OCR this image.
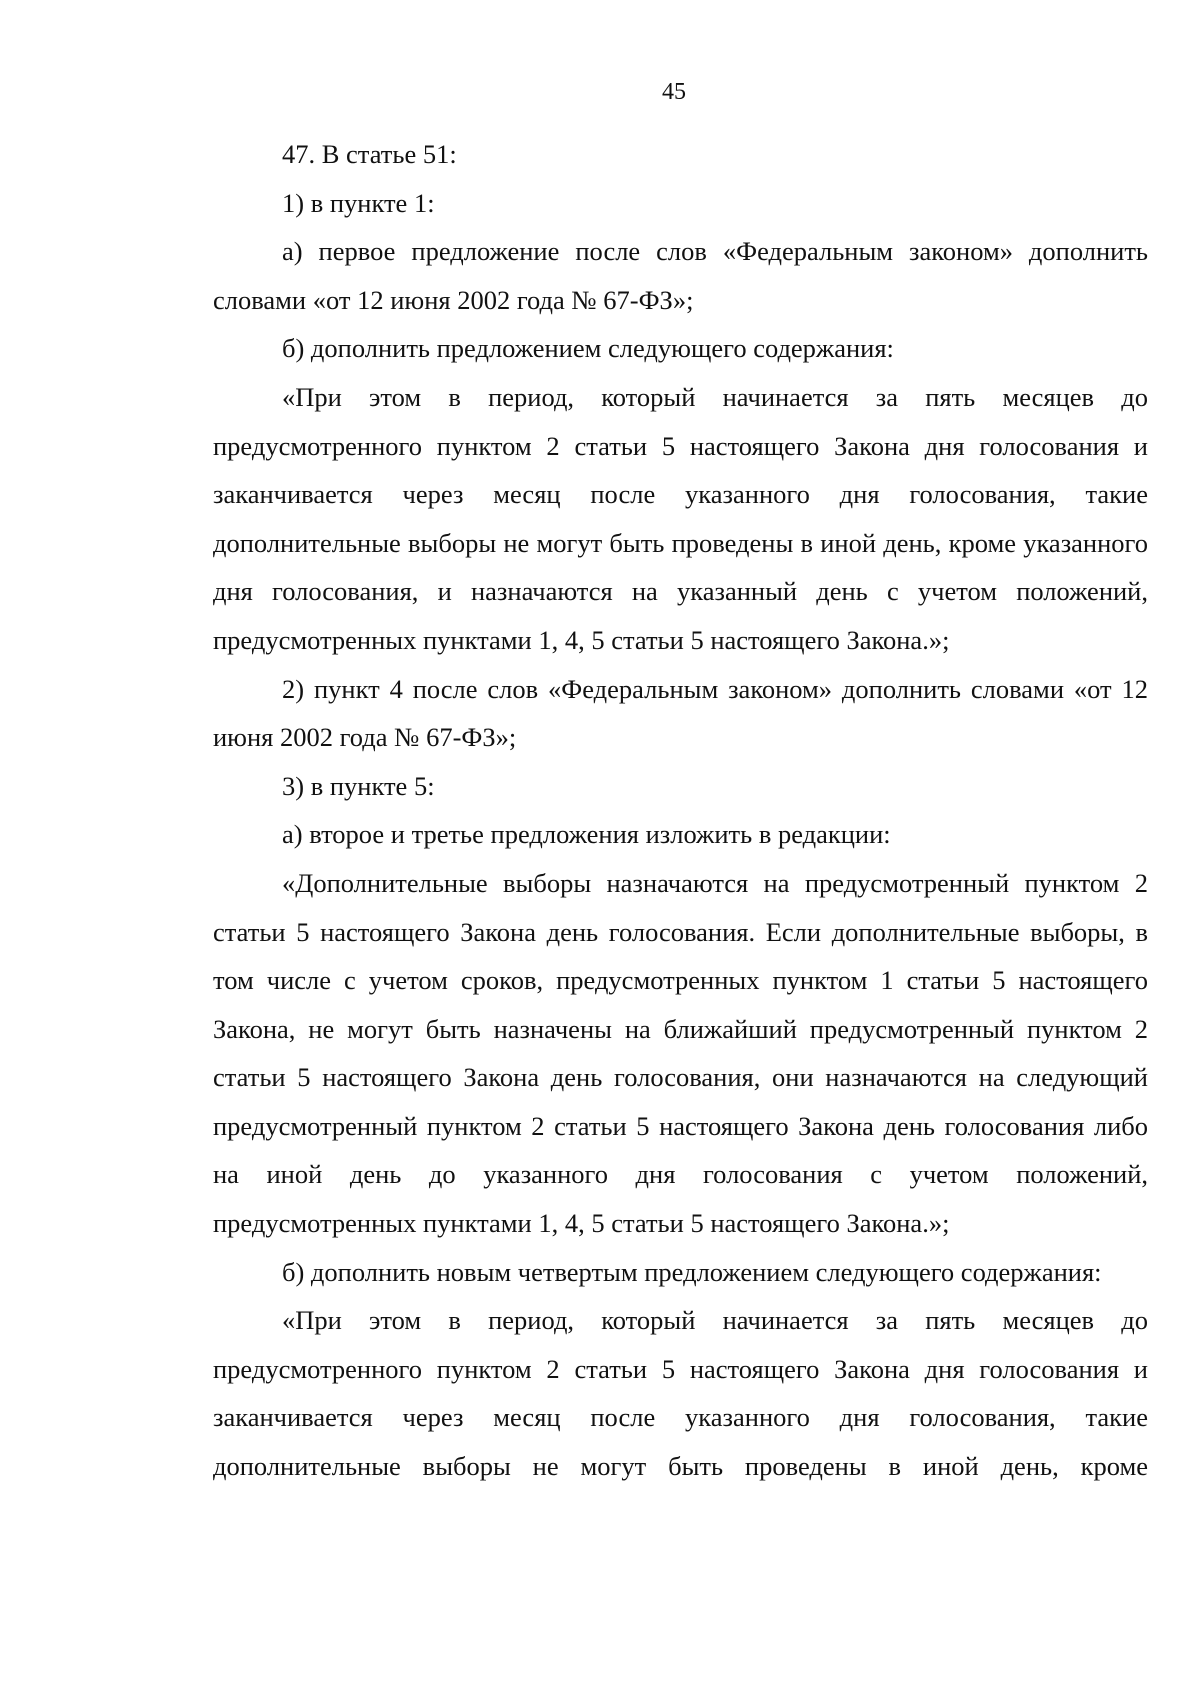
45

47. В статье 51:

1) в пункте 1:

а) первое предложение после слов «Федеральным законом» дополнить словами «от 12 июня 2002 года № 67-ФЗ»;

б) дополнить предложением следующего содержания:

«При этом в период, который начинается за пять месяцев до предусмотренного пунктом 2 статьи 5 настоящего Закона дня голосования и заканчивается через месяц после указанного дня голосования, такие дополнительные выборы не могут быть проведены в иной день, кроме указанного дня голосования, и назначаются на указанный день с учетом положений, предусмотренных пунктами 1, 4, 5 статьи 5 настоящего Закона.»;

2) пункт 4 после слов «Федеральным законом» дополнить словами «от 12 июня 2002 года № 67-ФЗ»;

3) в пункте 5:

а) второе и третье предложения изложить в редакции:

«Дополнительные выборы назначаются на предусмотренный пунктом 2 статьи 5 настоящего Закона день голосования. Если дополнительные выборы, в том числе с учетом сроков, предусмотренных пунктом 1 статьи 5 настоящего Закона, не могут быть назначены на ближайший предусмотренный пунктом 2 статьи 5 настоящего Закона день голосования, они назначаются на следующий предусмотренный пунктом 2 статьи 5 настоящего Закона день голосования либо на иной день до указанного дня голосования с учетом положений, предусмотренных пунктами 1, 4, 5 статьи 5 настоящего Закона.»;

б) дополнить новым четвертым предложением следующего содержания:

«При этом в период, который начинается за пять месяцев до предусмотренного пунктом 2 статьи 5 настоящего Закона дня голосования и заканчивается через месяц после указанного дня голосования, такие дополнительные выборы не могут быть проведены в иной день, кроме
